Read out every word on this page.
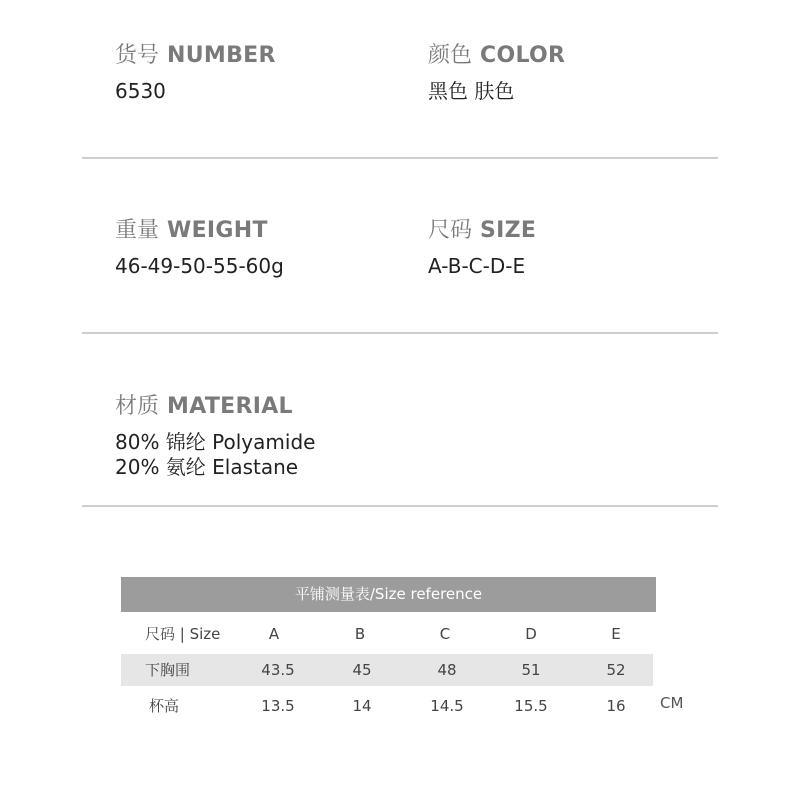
货号 NUMBER
6530
颜色 COLOR
黑色 肤色
重量 WEIGHT
46-49-50-55-60g
尺码 SIZE
A-B-C-D-E
材质 MATERIAL
80% 锦纶 Polyamide
20% 氨纶 Elastane
平铺测量表/Size reference
尺码 | Size	A	B	C	D	E
下胸围	43.5	45	48	51	52
杯高	13.5	14	14.5	15.5	16	CM
